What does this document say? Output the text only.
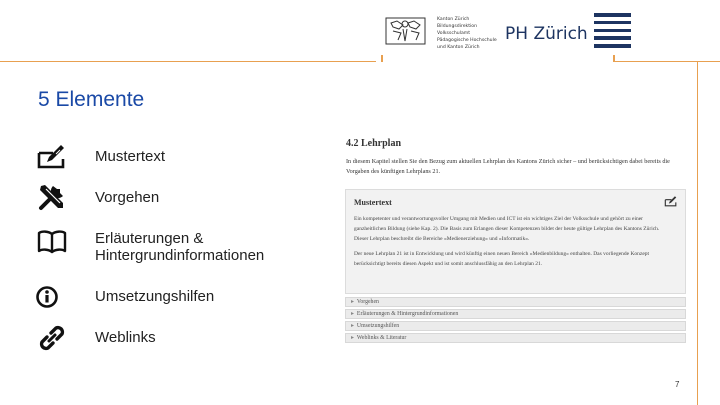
Kanton Zürich
Bildungsdirektion
Volksschulamt
Pädagogische Hochschule
und Kanton Zürich
PH Zürich
5 Elemente
Mustertext
Vorgehen
Erläuterungen & Hintergrundinformationen
Umsetzungshilfen
Weblinks
4.2 Lehrplan
In diesem Kapitel stellen Sie den Bezug zum aktuellen Lehrplan des Kantons Zürich sicher – und berücksichtigen dabei bereits die Vorgaben des künftigen Lehrplans 21.
Mustertext

Ein kompetenter und verantwortungsvoller Umgang mit Medien und ICT ist ein wichtiges Ziel der Volksschule und gehört zu einer ganzheitlichen Bildung (siehe Kap. 2). Die Basis zum Erlangen dieser Kompetenzen bildet der heute gültige Lehrplan des Kantons Zürich. Dieser Lehrplan beschreibt die Bereiche «Medienerziehung» und «Informatik».

Der neue Lehrplan 21 ist in Entwicklung und wird künftig einen neuen Bereich «Medienbildung» enthalten. Das vorliegende Konzept berücksichtigt bereits diesen Aspekt und ist somit anschlussfähig an den Lehrplan 21.

▸ Vorgehen
▸ Erläuterungen & Hintergrundinformationen
▸ Umsetzungshilfen
▸ Weblinks & Literatur
7
